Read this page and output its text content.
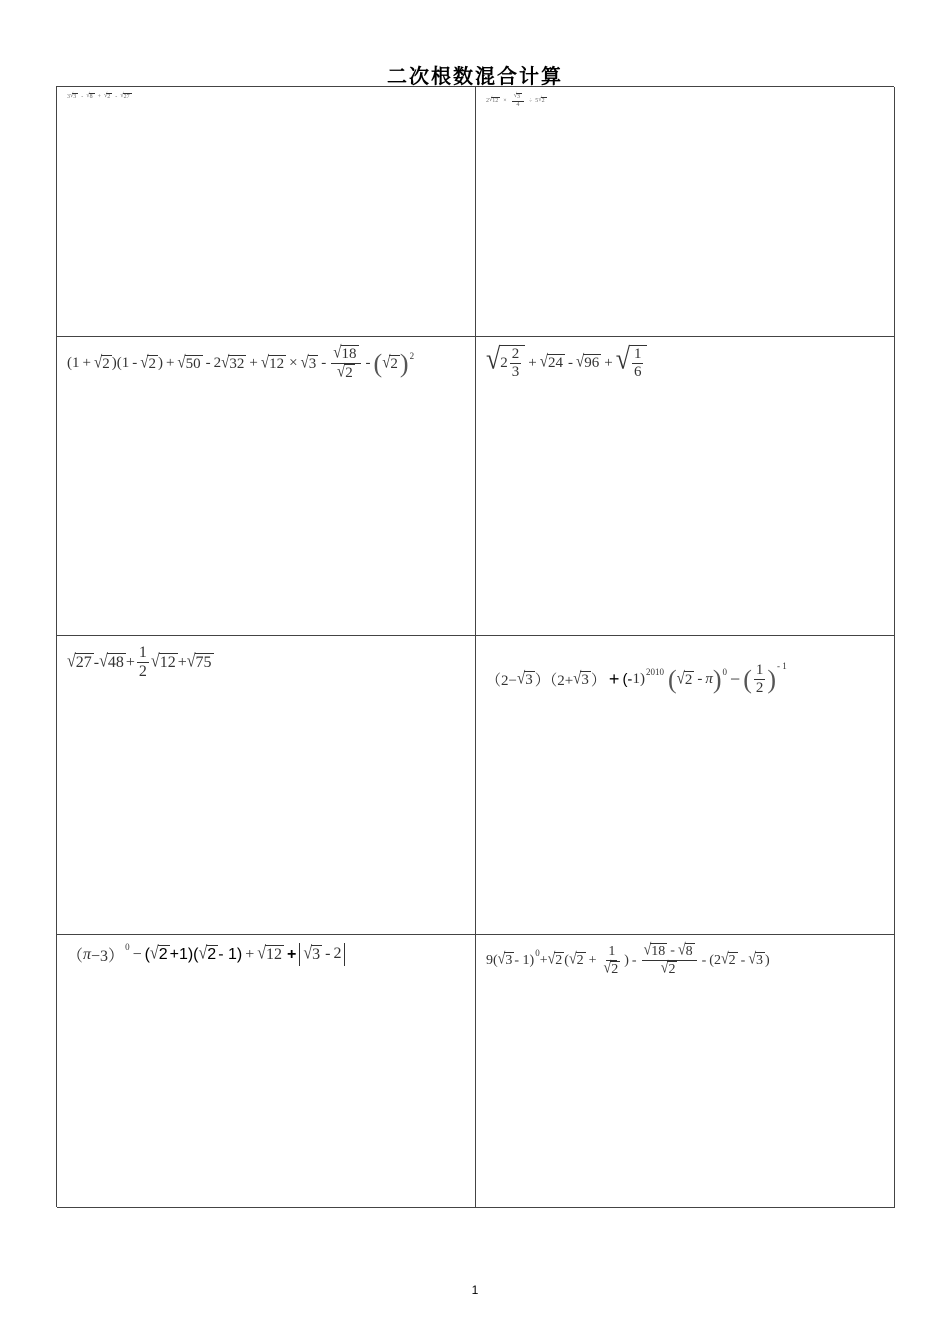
二次根数混合计算
3 √ 3 - √ 8 + √ 2 - √ 27
2 √ $12 \times \frac{√ 3}{4} \div 5$ √ 2
(1 + √ 2 )(1 - √ 2 ) + √ 50 - 2 √ 32 + √ 12 × √ 3 -
√ 18
√ 2
- ( √ 2 ) 2	√ 2
2
3
+ √ 24 - √ 96 + √ 1
6
√ 27 - √ $48 + \frac{1}{2}$ √ 12 + √ 75
（2− √ 3 ）（2+ √ 3 ） + (- 1) 2010 ( √ 2 - π ) 0 − ( 1
2 ) - 1
（ π −3）
0 − ( √ 2 +1)( √ 2 - 1) + √ 12 + √ 3 - 2	9( √ 3 - 1) 0 + √ 2 ( √ $2 + \frac{1}{√ 2}$ ) -
√ 18 - √ 8
√ 2
- (2 √ 2 - √ 3 )
1
